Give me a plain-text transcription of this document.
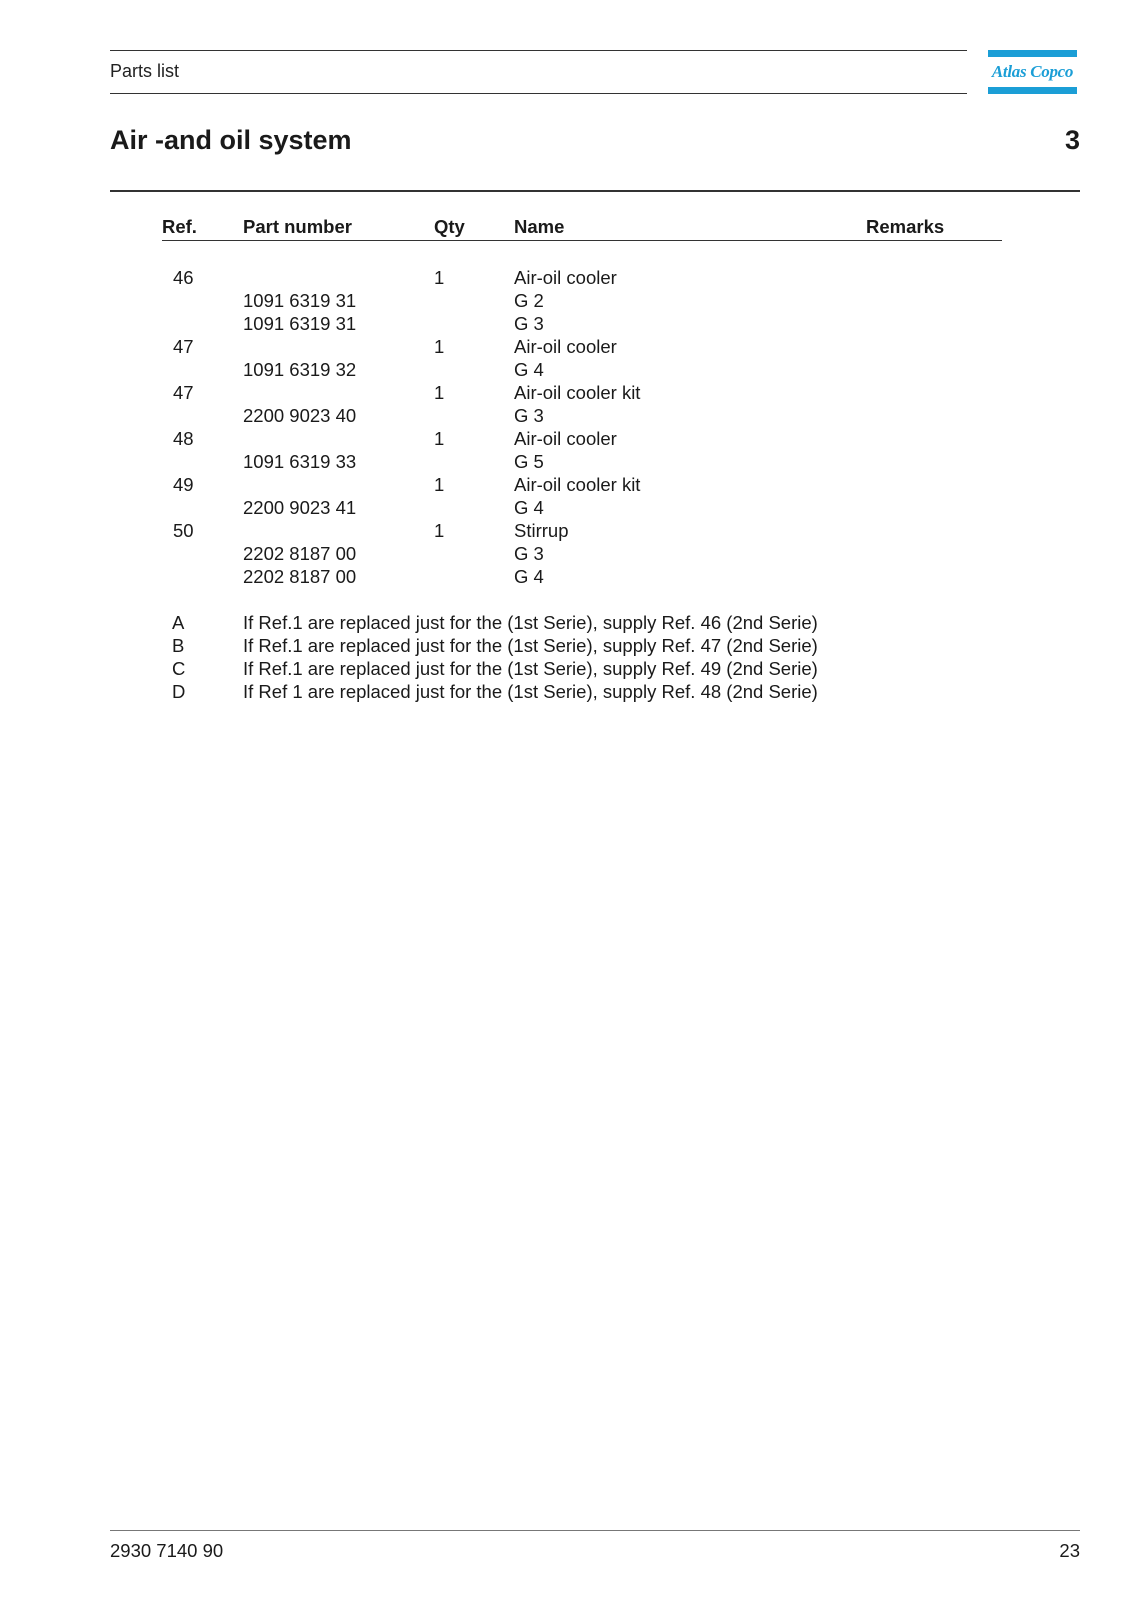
Parts list	Atlas Copco
Air -and oil system	3
Ref. Part number	Qty	Name	Remarks
46	1	Air-oil cooler
1091 6319 31	G 2
1091 6319 31	G 3
47	1	Air-oil cooler
1091 6319 32	G 4
47	1	Air-oil cooler kit
2200 9023 40	G 3
48	1	Air-oil cooler
1091 6319 33	G 5
49	1	Air-oil cooler kit
2200 9023 41	G 4
50	1	Stirrup
2202 8187 00	G 3
2202 8187 00	G 4
A	If Ref.1 are replaced just for the (1st Serie), supply Ref. 46 (2nd Serie)
B	If Ref.1 are replaced just for the (1st Serie), supply Ref. 47 (2nd Serie)
C	If Ref.1 are replaced just for the (1st Serie), supply Ref. 49 (2nd Serie)
D	If Ref 1 are replaced just for the (1st Serie), supply Ref. 48 (2nd Serie)
2930 7140 90	23
